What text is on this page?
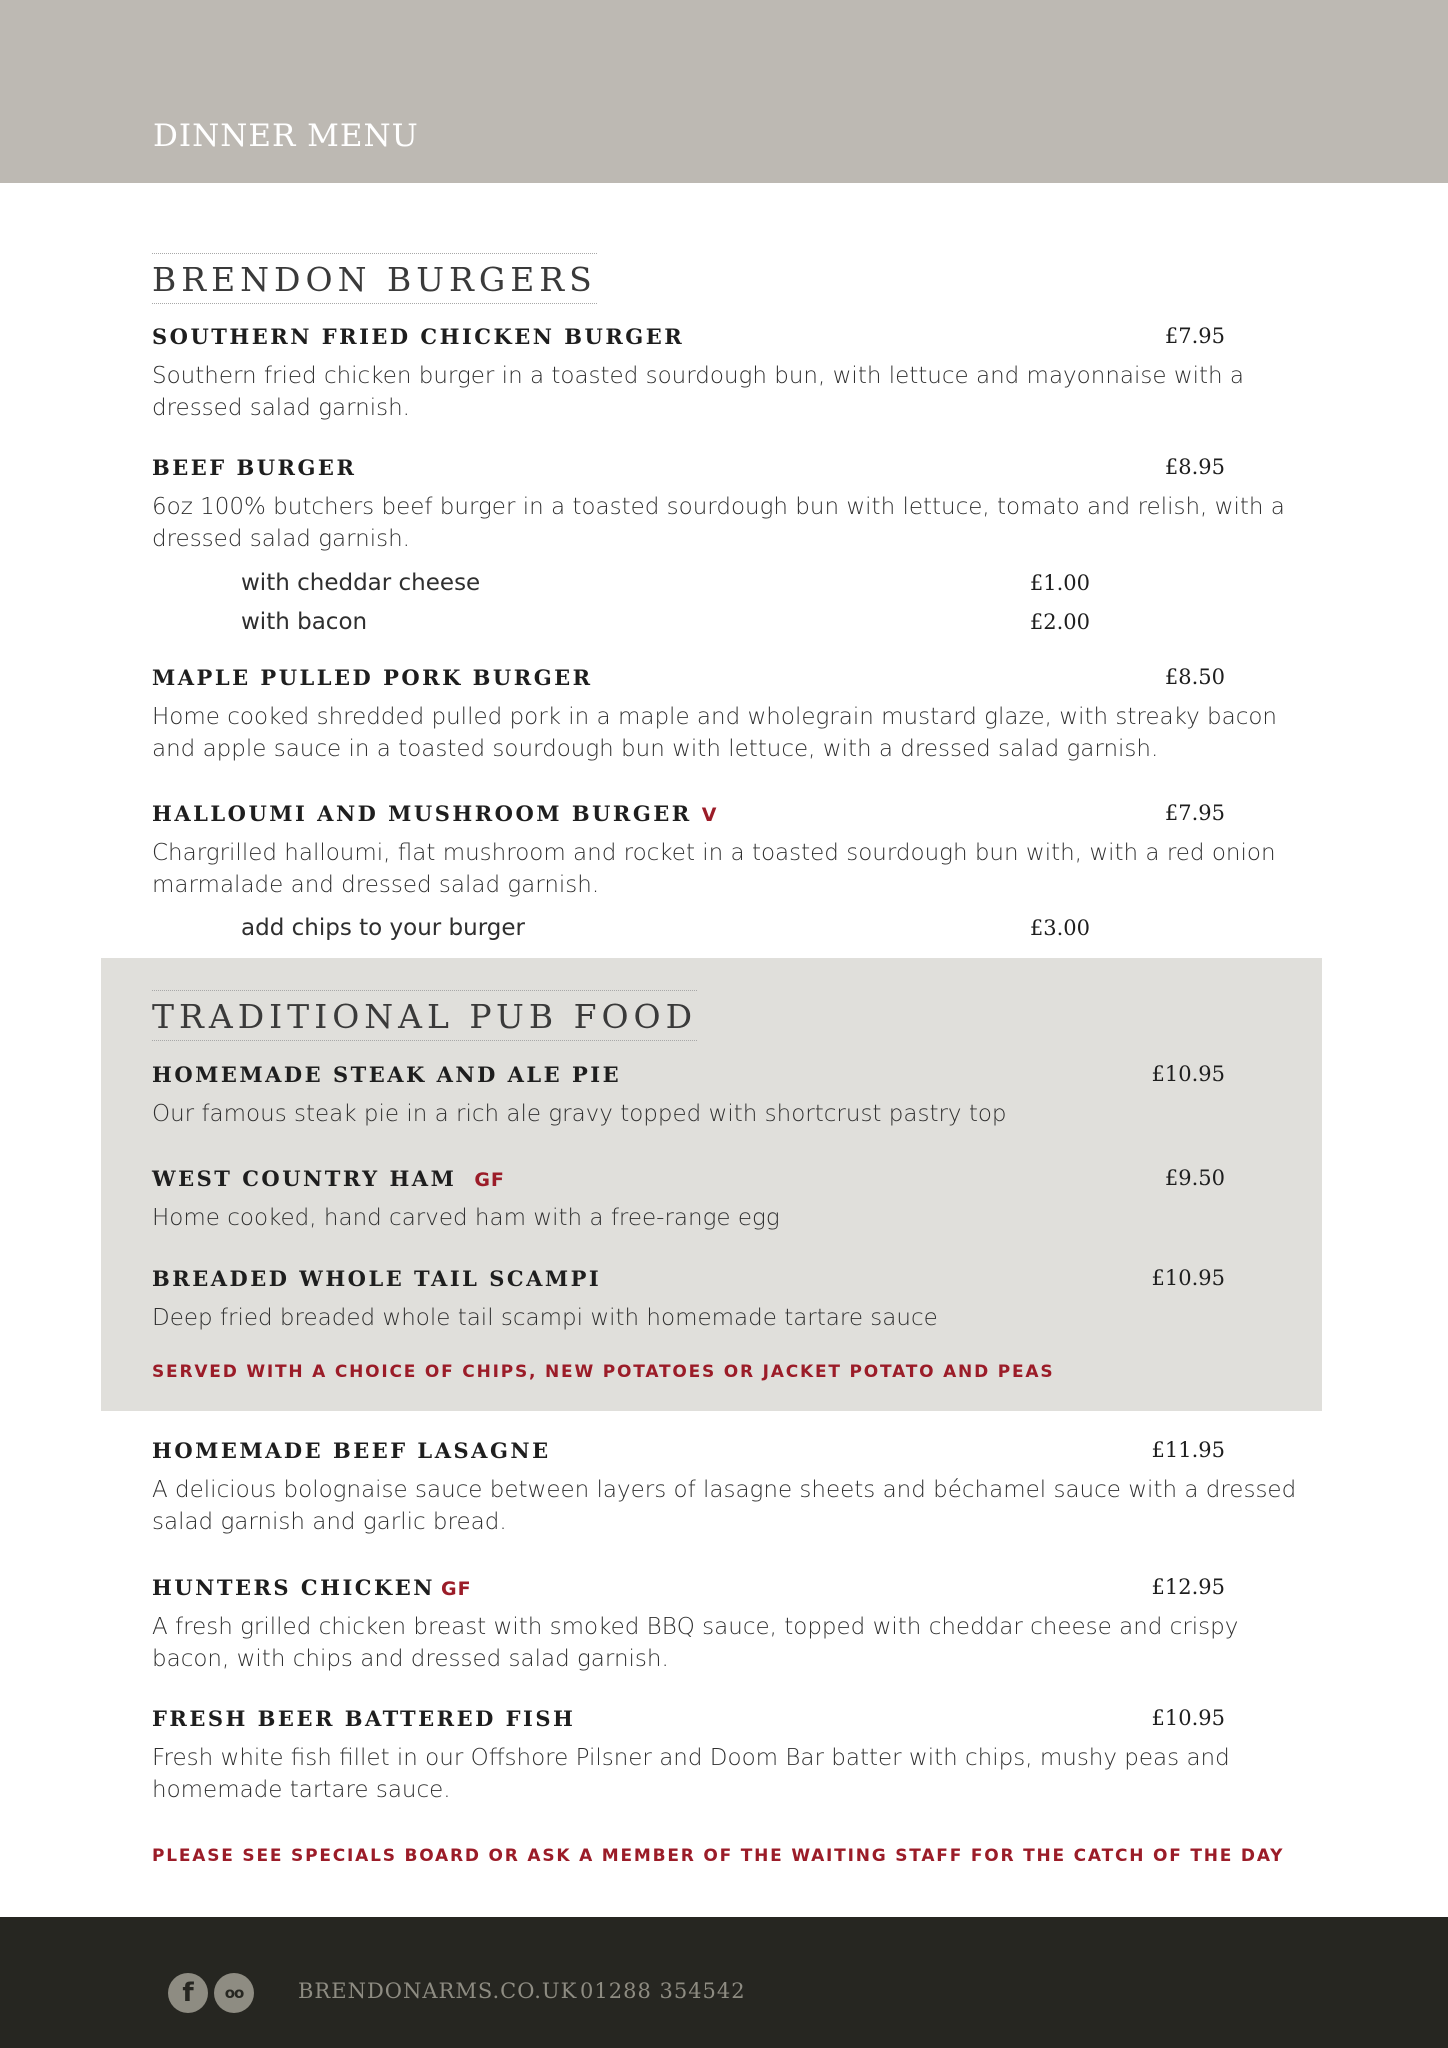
DINNER MENU
BRENDON BURGERS
SOUTHERN FRIED CHICKEN BURGER	£7.95
Southern fried chicken burger in a toasted sourdough bun, with lettuce and mayonnaise with a dressed salad garnish.
BEEF BURGER	£8.95
6oz 100% butchers beef burger in a toasted sourdough bun with lettuce, tomato and relish, with a dressed salad garnish.
with cheddar cheese	£1.00
with bacon	£2.00
MAPLE PULLED PORK BURGER	£8.50
Home cooked shredded pulled pork in a maple and wholegrain mustard glaze, with streaky bacon and apple sauce in a toasted sourdough bun with lettuce, with a dressed salad garnish.
HALLOUMI AND MUSHROOM BURGER V	£7.95
Chargrilled halloumi, flat mushroom and rocket in a toasted sourdough bun with, with a red onion marmalade and dressed salad garnish.
add chips to your burger	£3.00
TRADITIONAL PUB FOOD
HOMEMADE STEAK AND ALE PIE	£10.95
Our famous steak pie in a rich ale gravy topped with shortcrust pastry top
WEST COUNTRY HAM GF	£9.50
Home cooked, hand carved ham with a free-range egg
BREADED WHOLE TAIL SCAMPI	£10.95
Deep fried breaded whole tail scampi with homemade tartare sauce
SERVED WITH A CHOICE OF CHIPS, NEW POTATOES OR JACKET POTATO AND PEAS
HOMEMADE BEEF LASAGNE	£11.95
A delicious bolognaise sauce between layers of lasagne sheets and béchamel sauce with a dressed salad garnish and garlic bread.
HUNTERS CHICKEN GF	£12.95
A fresh grilled chicken breast with smoked BBQ sauce, topped with cheddar cheese and crispy bacon, with chips and dressed salad garnish.
FRESH BEER BATTERED FISH	£10.95
Fresh white fish fillet in our Offshore Pilsner and Doom Bar batter with chips, mushy peas and homemade tartare sauce.
PLEASE SEE SPECIALS BOARD OR ASK A MEMBER OF THE WAITING STAFF FOR THE CATCH OF THE DAY
f	oo	BRENDONARMS.CO.UK 01288 354542
